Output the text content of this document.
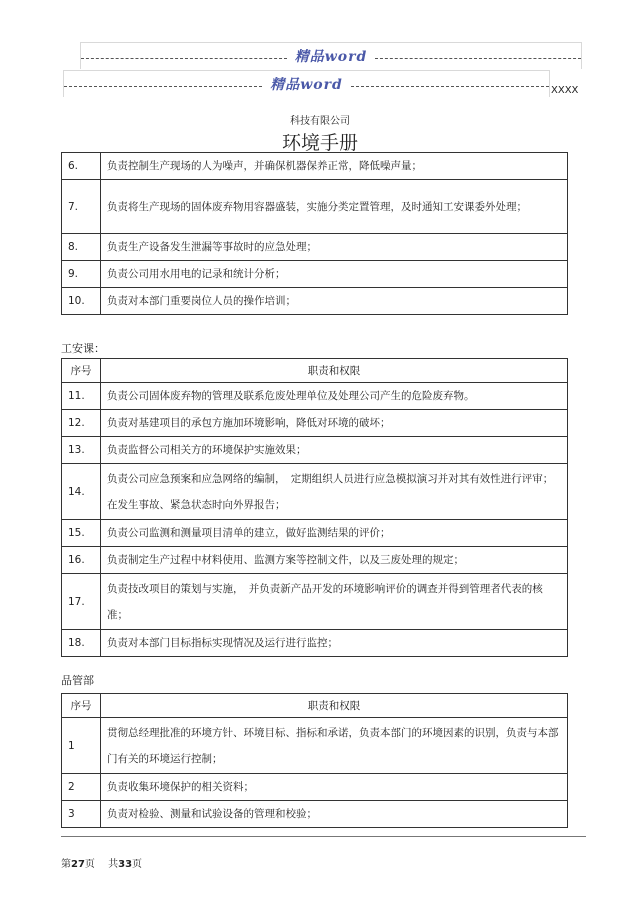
精品word
精品word	XXXX
科技有限公司
环境手册
6.	负责控制生产现场的人为噪声，并确保机器保养正常，降低噪声量；
7.	负责将生产现场的固体废弃物用容器盛装，实施分类定置管理，及时通知工安课委外处理；
8.	负责生产设备发生泄漏等事故时的应急处理；
9.	负责公司用水用电的记录和统计分析；
10.	负责对本部门重要岗位人员的操作培训；
工安课：
序号	职责和权限
11.	负责公司固体废弃物的管理及联系危废处理单位及处理公司产生的危险废弃物。
12.	负责对基建项目的承包方施加环境影响，降低对环境的破坏；
13.	负责监督公司相关方的环境保护实施效果；
14.	负责公司应急预案和应急网络的编制，　定期组织人员进行应急模拟演习并对其有效性进行评审；在发生事故、紧急状态时向外界报告；
15.	负责公司监测和测量项目清单的建立，做好监测结果的评价；
16.	负责制定生产过程中材料使用、监测方案等控制文件，以及三废处理的规定；
17.	负责技改项目的策划与实施，　并负责新产品开发的环境影响评价的调查并得到管理者代表的核准；
18.	负责对本部门目标指标实现情况及运行进行监控；
品管部
序号	职责和权限
1	贯彻总经理批准的环境方针、环境目标、指标和承诺，负责本部门的环境因素的识别，负责与本部门有关的环境运行控制；
2	负责收集环境保护的相关资料；
3	负责对检验、测量和试验设备的管理和校验；
第27页　 共33页
